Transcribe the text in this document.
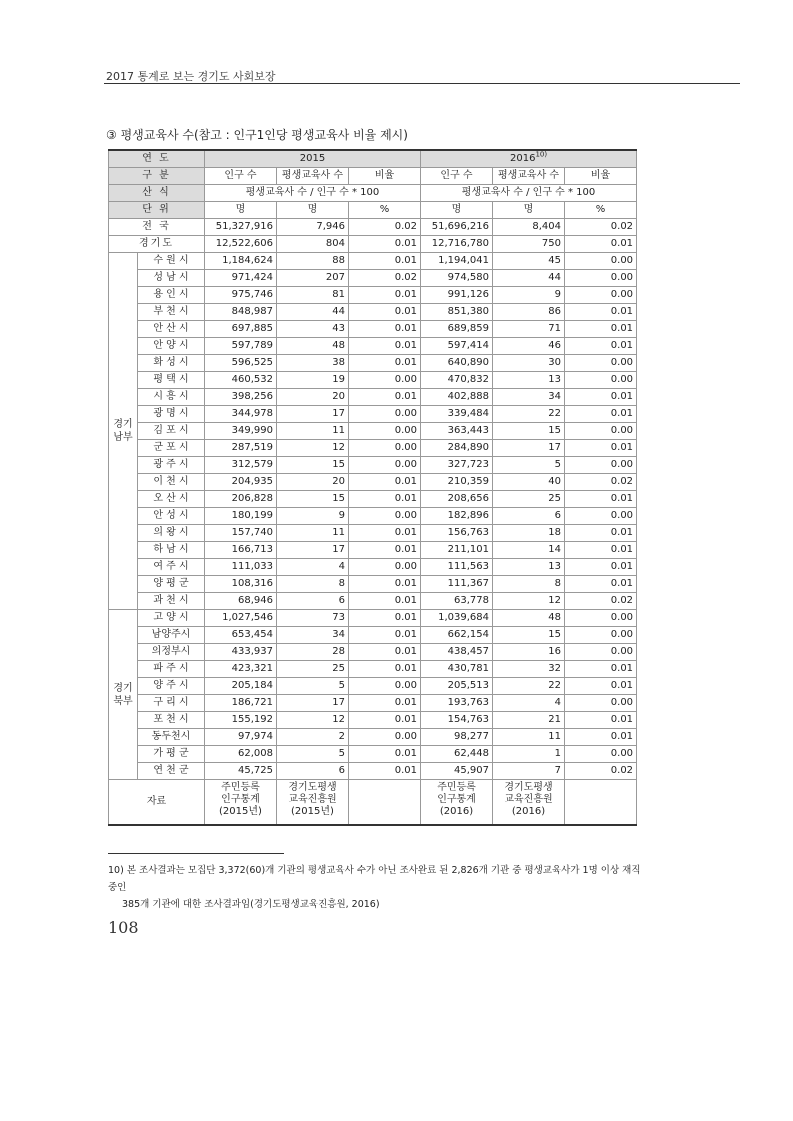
2017 통계로 보는 경기도 사회보장
③ 평생교육사 수(참고 : 인구1인당 평생교육사 비율 제시)
연 도		2015			2016$^{10)}$
구 분		인구 수	평생교육사 수	비율	인구 수	평생교육사 수	비율
산 식		평생교육사 수 / 인구 수 * 100			평생교육사 수 / 인구 수 * 100		
단 위		명	명	%	명	명	%
전 국		51,327,916	7,946	0.02	51,696,216	8,404	0.02
경기도		12,522,606	804	0.01	12,716,780	750	0.01
경기
남부	수 원 시	1,184,624	88	0.01	1,194,041	45	0.00
	성 남 시	971,424	207	0.02	974,580	44	0.00
	용 인 시	975,746	81	0.01	991,126	9	0.00
	부 천 시	848,987	44	0.01	851,380	86	0.01
	안 산 시	697,885	43	0.01	689,859	71	0.01
	안 양 시	597,789	48	0.01	597,414	46	0.01
	화 성 시	596,525	38	0.01	640,890	30	0.00
	평 택 시	460,532	19	0.00	470,832	13	0.00
	시 흥 시	398,256	20	0.01	402,888	34	0.01
	광 명 시	344,978	17	0.00	339,484	22	0.01
	김 포 시	349,990	11	0.00	363,443	15	0.00
	군 포 시	287,519	12	0.00	284,890	17	0.01
	광 주 시	312,579	15	0.00	327,723	5	0.00
	이 천 시	204,935	20	0.01	210,359	40	0.02
	오 산 시	206,828	15	0.01	208,656	25	0.01
	안 성 시	180,199	9	0.00	182,896	6	0.00
	의 왕 시	157,740	11	0.01	156,763	18	0.01
	하 남 시	166,713	17	0.01	211,101	14	0.01
	여 주 시	111,033	4	0.00	111,563	13	0.01
	양 평 군	108,316	8	0.01	111,367	8	0.01
	과 천 시	68,946	6	0.01	63,778	12	0.02
경기
북부	고 양 시	1,027,546	73	0.01	1,039,684	48	0.00
	남양주시	653,454	34	0.01	662,154	15	0.00
	의정부시	433,937	28	0.01	438,457	16	0.00
	파 주 시	423,321	25	0.01	430,781	32	0.01
	양 주 시	205,184	5	0.00	205,513	22	0.01
	구 리 시	186,721	17	0.01	193,763	4	0.00
	포 천 시	155,192	12	0.01	154,763	21	0.01
	동두천시	97,974	2	0.00	98,277	11	0.01
	가 평 군	62,008	5	0.01	62,448	1	0.00
	연 천 군	45,725	6	0.01	45,907	7	0.02
자료		주민등록
인구통계
(2015년)	경기도평생
교육진흥원
(2015년)		주민등록
인구통계
(2016)	경기도평생
교육진흥원
(2016)	
10) 본 조사결과는 모집단 3,372(60)개 기관의 평생교육사 수가 아닌 조사완료 된 2,826개 기관 중 평생교육사가 1명 이상 재직 중인
385개 기관에 대한 조사결과임(경기도평생교육진흥원, 2016)
108
